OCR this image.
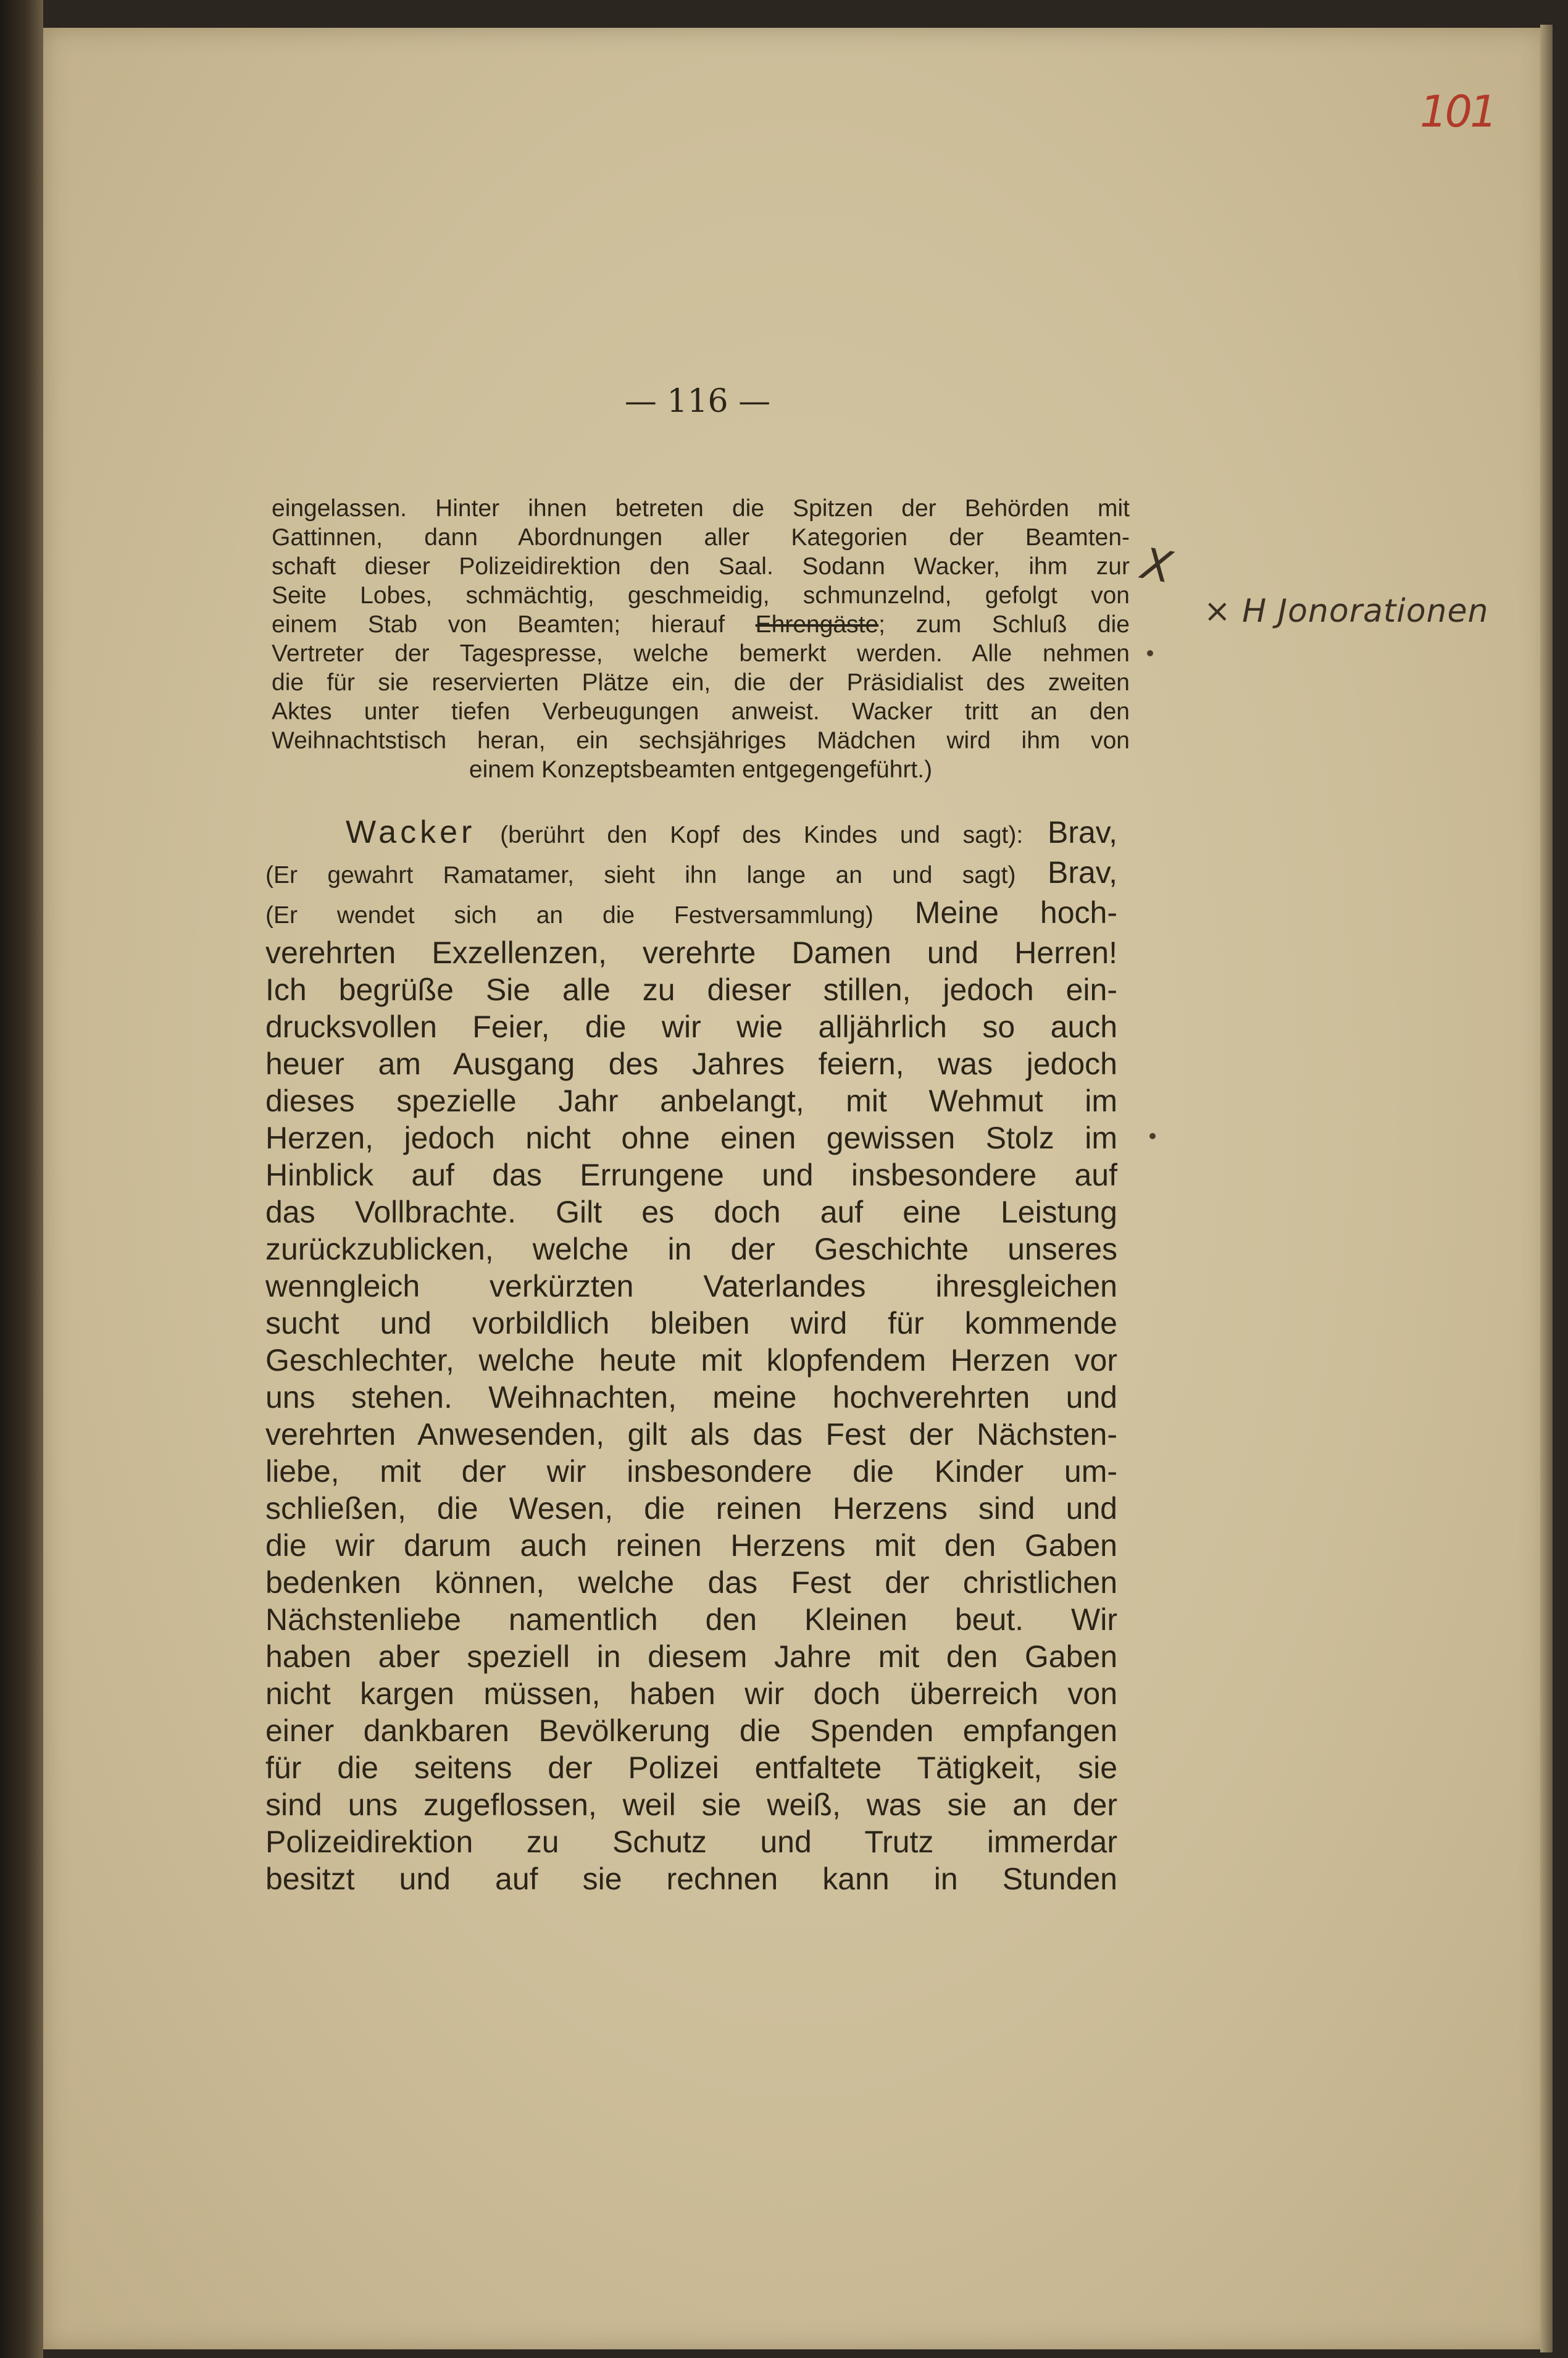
101
— 116 —
eingelassen. Hinter ihnen betreten die Spitzen der Behörden mit
Gattinnen, dann Abordnungen aller Kategorien der Beamten-
schaft dieser Polizeidirektion den Saal. Sodann Wacker, ihm zur
Seite Lobes, schmächtig, geschmeidig, schmunzelnd, gefolgt von
einem Stab von Beamten; hierauf Ehrengäste; zum Schluß die
Vertreter der Tagespresse, welche bemerkt werden. Alle nehmen
die für sie reservierten Plätze ein, die der Präsidialist des zweiten
Aktes unter tiefen Verbeugungen anweist. Wacker tritt an den
Weihnachtstisch heran, ein sechsjähriges Mädchen wird ihm von
einem Konzeptsbeamten entgegengeführt.)
Wacker (berührt den Kopf des Kindes und sagt): Brav,
(Er gewahrt Ramatamer, sieht ihn lange an und sagt) Brav,
(Er wendet sich an die Festversammlung) Meine hoch-
verehrten Exzellenzen, verehrte Damen und Herren!
Ich begrüße Sie alle zu dieser stillen, jedoch ein-
drucksvollen Feier, die wir wie alljährlich so auch
heuer am Ausgang des Jahres feiern, was jedoch
dieses spezielle Jahr anbelangt, mit Wehmut im
Herzen, jedoch nicht ohne einen gewissen Stolz im
Hinblick auf das Errungene und insbesondere auf
das Vollbrachte. Gilt es doch auf eine Leistung
zurückzublicken, welche in der Geschichte unseres
wenngleich verkürzten Vaterlandes ihresgleichen
sucht und vorbildlich bleiben wird für kommende
Geschlechter, welche heute mit klopfendem Herzen vor
uns stehen. Weihnachten, meine hochverehrten und
verehrten Anwesenden, gilt als das Fest der Nächsten-
liebe, mit der wir insbesondere die Kinder um-
schließen, die Wesen, die reinen Herzens sind und
die wir darum auch reinen Herzens mit den Gaben
bedenken können, welche das Fest der christlichen
Nächstenliebe namentlich den Kleinen beut. Wir
haben aber speziell in diesem Jahre mit den Gaben
nicht kargen müssen, haben wir doch überreich von
einer dankbaren Bevölkerung die Spenden empfangen
für die seitens der Polizei entfaltete Tätigkeit, sie
sind uns zugeflossen, weil sie weiß, was sie an der
Polizeidirektion zu Schutz und Trutz immerdar
besitzt und auf sie rechnen kann in Stunden
X
× H Jonorationen
